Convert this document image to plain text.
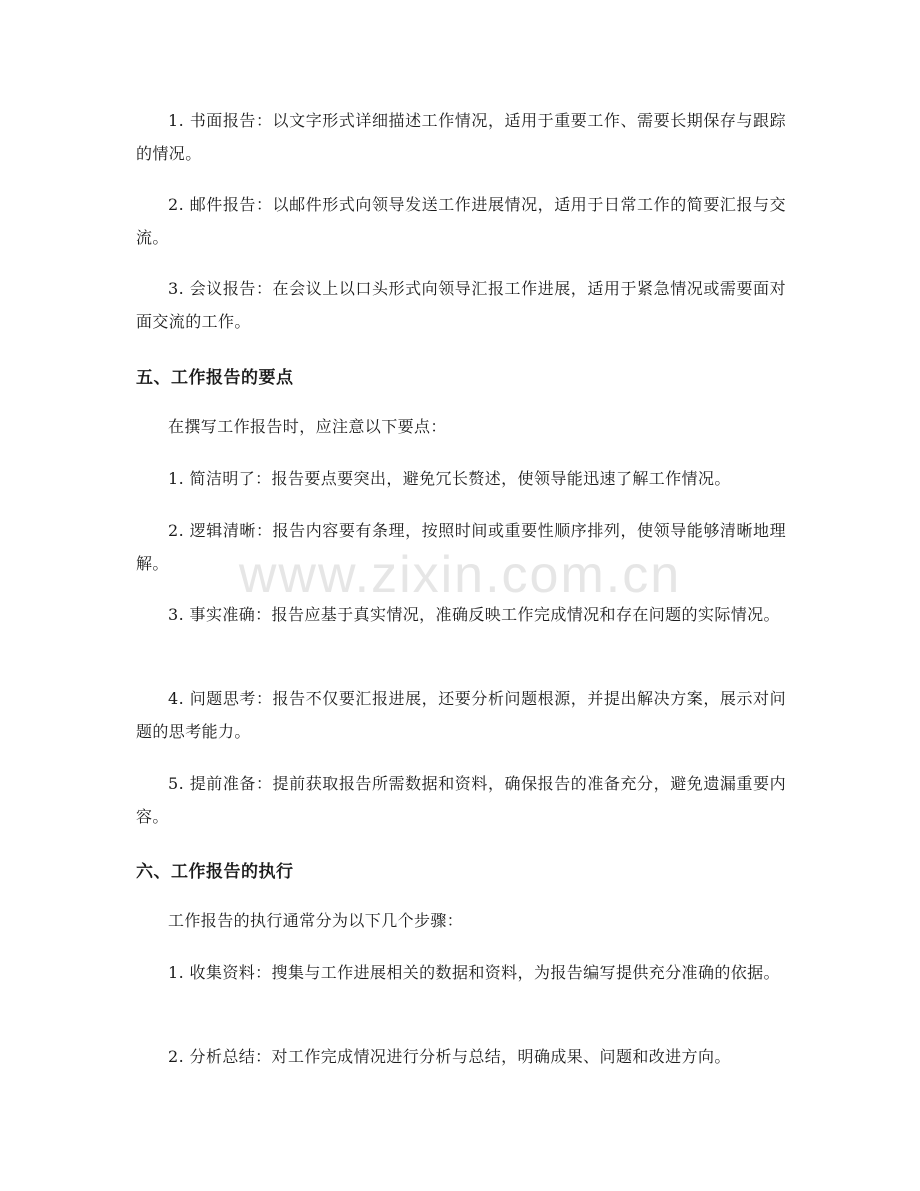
1. 书面报告：以文字形式详细描述工作情况，适用于重要工作、需要长期保存与跟踪的情况。

2. 邮件报告：以邮件形式向领导发送工作进展情况，适用于日常工作的简要汇报与交流。

3. 会议报告：在会议上以口头形式向领导汇报工作进展，适用于紧急情况或需要面对面交流的工作。

五、工作报告的要点

在撰写工作报告时，应注意以下要点：

1. 简洁明了：报告要点要突出，避免冗长赘述，使领导能迅速了解工作情况。

2. 逻辑清晰：报告内容要有条理，按照时间或重要性顺序排列，使领导能够清晰地理解。

3. 事实准确：报告应基于真实情况，准确反映工作完成情况和存在问题的实际情况。

4. 问题思考：报告不仅要汇报进展，还要分析问题根源，并提出解决方案，展示对问题的思考能力。

5. 提前准备：提前获取报告所需数据和资料，确保报告的准备充分，避免遗漏重要内容。

六、工作报告的执行

工作报告的执行通常分为以下几个步骤：

1. 收集资料：搜集与工作进展相关的数据和资料，为报告编写提供充分准确的依据。

2. 分析总结：对工作完成情况进行分析与总结，明确成果、问题和改进方向。

www.zixin.com.cn
